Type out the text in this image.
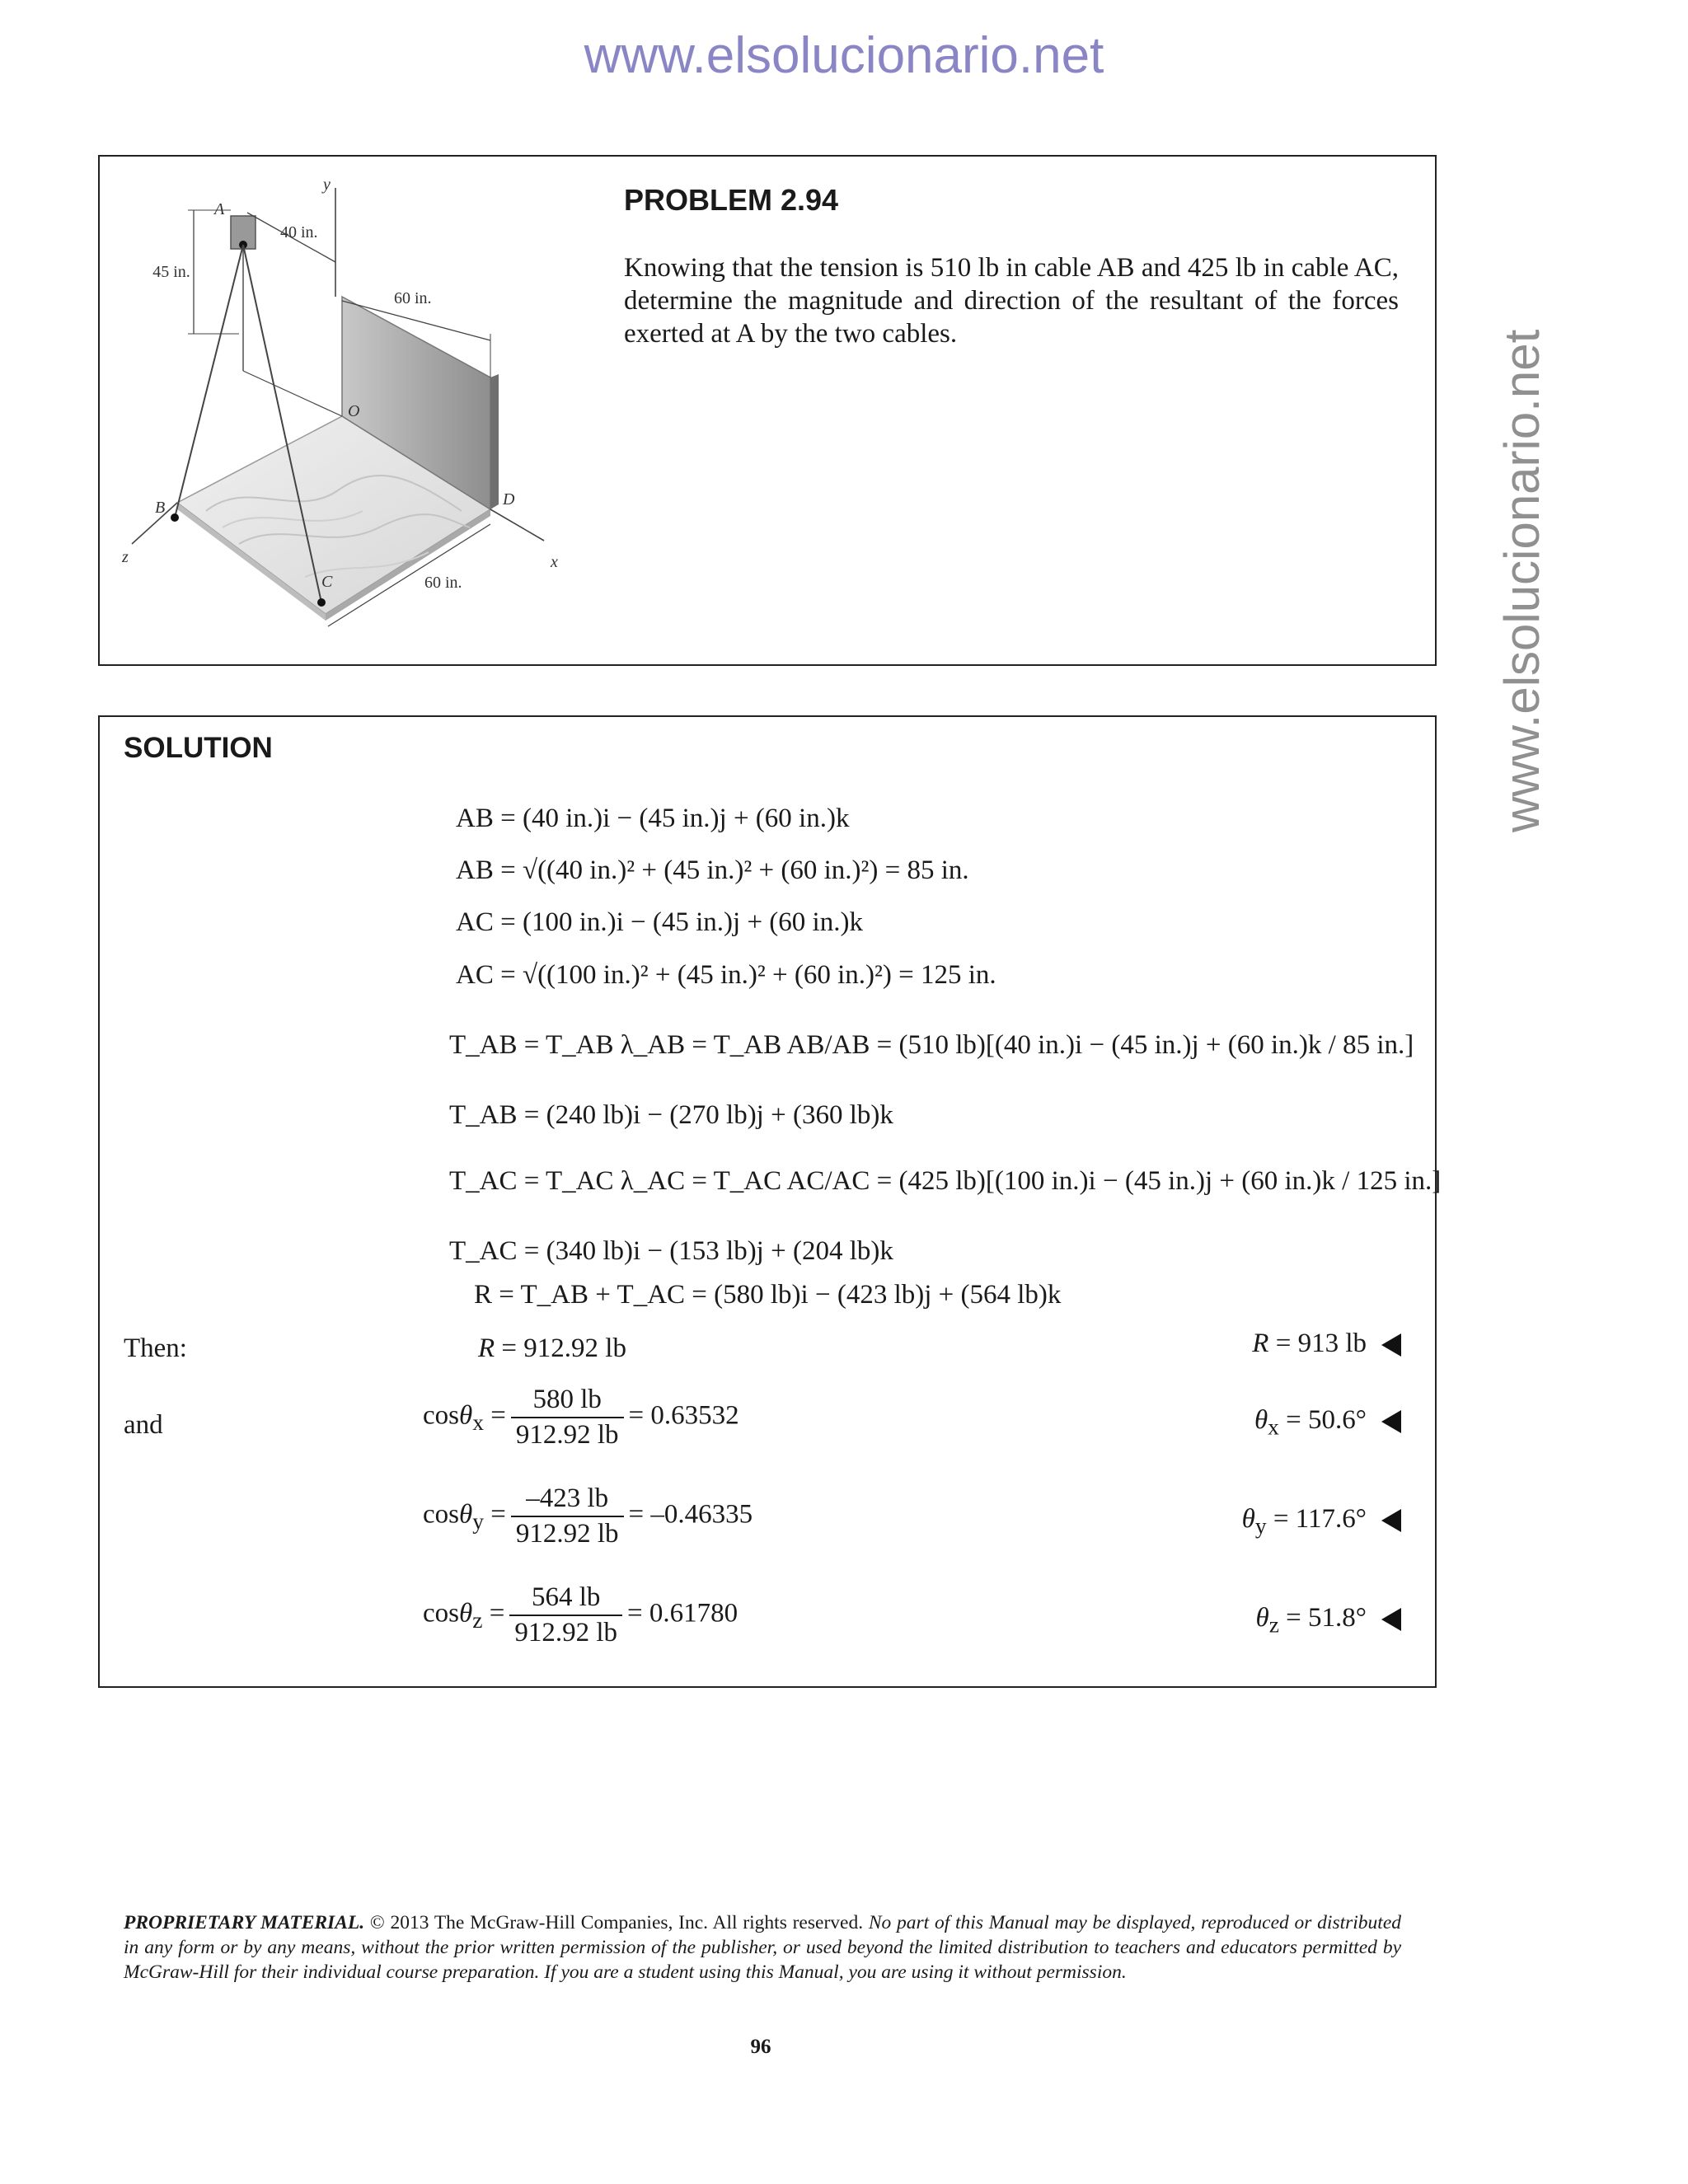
www.elsolucionario.net
www.elsolucionario.net
y
A
O
D
B
C
x
z
40 in.
45 in.
60 in.
60 in.
PROBLEM 2.94
Knowing that the tension is 510 lb in cable AB and 425 lb in cable AC, determine the magnitude and direction of the resultant of the forces exerted at A by the two cables.
SOLUTION
AB = (40 in.)i − (45 in.)j + (60 in.)k
AB = √((40 in.)² + (45 in.)² + (60 in.)²) = 85 in.
AC = (100 in.)i − (45 in.)j + (60 in.)k
AC = √((100 in.)² + (45 in.)² + (60 in.)²) = 125 in.
T_AB = T_AB λ_AB = T_AB AB/AB = (510 lb)[(40 in.)i − (45 in.)j + (60 in.)k / 85 in.]
T_AB = (240 lb)i − (270 lb)j + (360 lb)k
T_AC = T_AC λ_AC = T_AC AC/AC = (425 lb)[(100 in.)i − (45 in.)j + (60 in.)k / 125 in.]
T_AC = (340 lb)i − (153 lb)j + (204 lb)k
R = T_AB + T_AC = (580 lb)i − (423 lb)j + (564 lb)k
Then:	R = 912.92 lb	R = 913 lb
and	$\cos\theta_x = \frac{580 lb}{912.92 lb} = 0.63532$	$\theta_x = 50.6^\circ$
$\cos\theta_y = \frac{-423 lb}{912.92 lb} = -0.46335$	$\theta_y = 117.6^\circ$
$\cos\theta_z = \frac{564 lb}{912.92 lb} = 0.61780$	$\theta_z = 51.8^\circ$
PROPRIETARY MATERIAL. © 2013 The McGraw-Hill Companies, Inc. All rights reserved. No part of this Manual may be displayed, reproduced or distributed in any form or by any means, without the prior written permission of the publisher, or used beyond the limited distribution to teachers and educators permitted by McGraw-Hill for their individual course preparation. If you are a student using this Manual, you are using it without permission.
96
